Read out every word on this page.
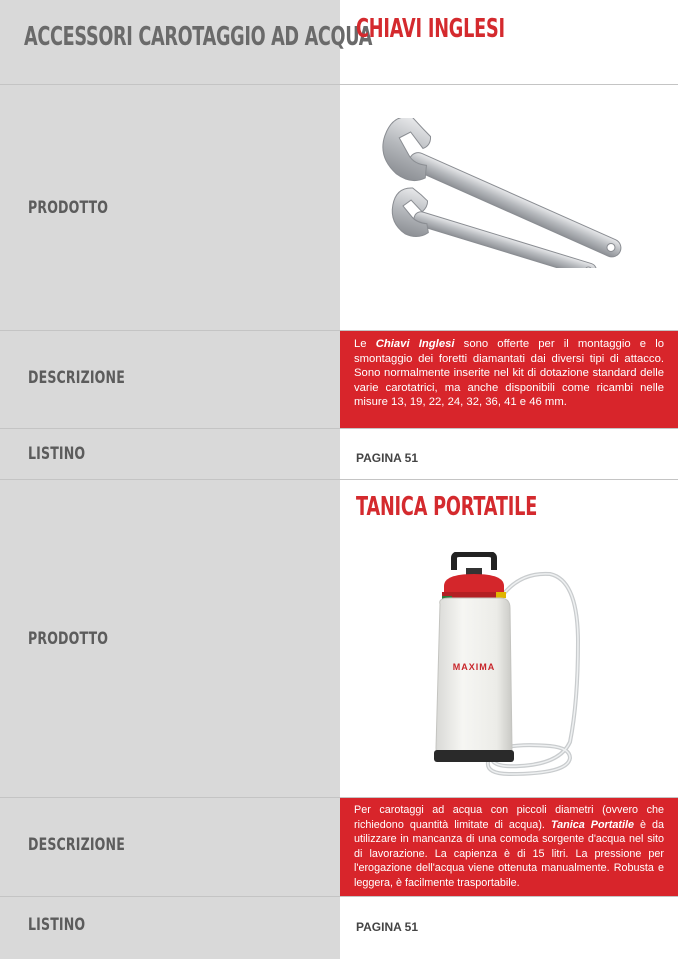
ACCESSORI CAROTAGGIO AD ACQUA
CHIAVI INGLESI
PRODOTTO
DESCRIZIONE

Le Chiavi Inglesi sono offerte per il montaggio e lo smontaggio dei foretti diamantati dai diversi tipi di attacco. Sono normalmente inserite nel kit di dotazione standard delle varie carotatrici, ma anche disponibili come ricambi nelle misure 13, 19, 22, 24, 32, 36, 41 e 46 mm.

LISTINO	PAGINA 51
TANICA PORTATILE
PRODOTTO
MAXIMA
DESCRIZIONE

Per carotaggi ad acqua con piccoli diametri (ovvero che richiedono quantità limitate di acqua). Tanica Portatile è da utilizzare in mancanza di una comoda sorgente d'acqua nel sito di lavorazione. La capienza è di 15 litri. La pressione per l'erogazione dell'acqua viene ottenuta manualmente. Robusta e leggera, è facilmente trasportabile.

LISTINO	PAGINA 51
